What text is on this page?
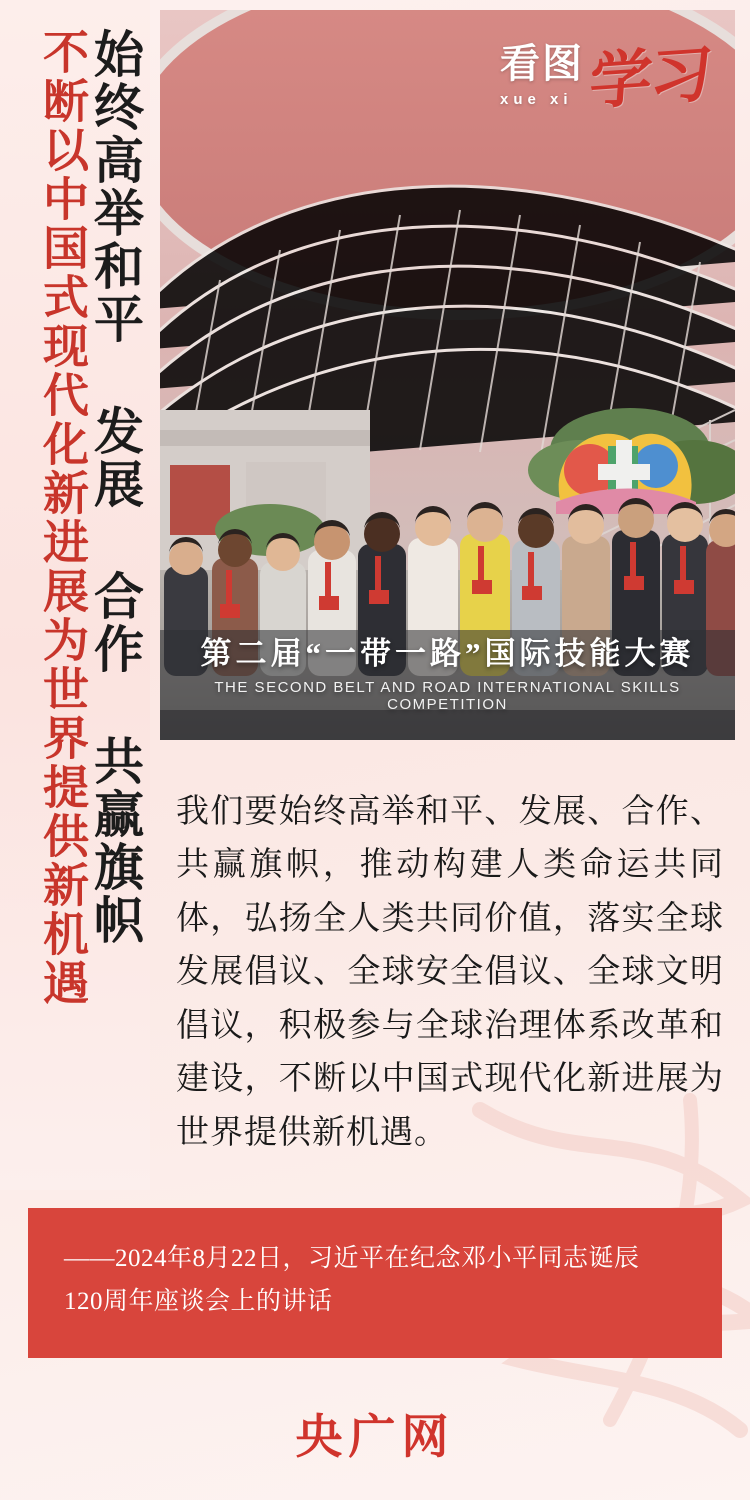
始终高举和平 发展 合作 共赢旗帜
不断以中国式现代化新进展为世界提供新机遇	第二届“一带一路”国际技能大赛
THE SECOND BELT AND ROAD INTERNATIONAL SKILLS COMPETITION
看图
xue xi 学习
我们要始终高举和平、发展、合作、共赢旗帜，推动构建人类命运共同体，弘扬全人类共同价值，落实全球发展倡议、全球安全倡议、全球文明倡议，积极参与全球治理体系改革和建设，不断以中国式现代化新进展为世界提供新机遇。
——2024年8月22日，习近平在纪念邓小平同志诞辰
120周年座谈会上的讲话
央广网
